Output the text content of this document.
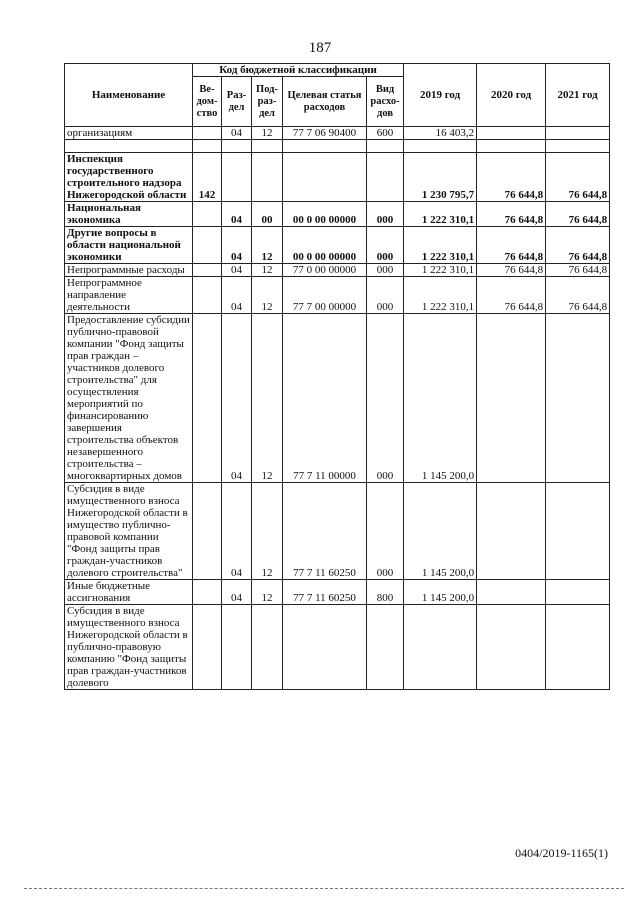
187
Наименование	Код бюджетной классификации					2019 год	2020 год	2021 год
	Ве-дом-ство	Раз-дел	Под-раз-дел	Целевая статья расходов	Вид расхо-дов			
организациям		04	12	77 7 06 90400	600	16 403,2		

Инспекция государственного строительного надзора Нижегородской области	142					1 230 795,7	76 644,8	76 644,8
Национальная экономика		04	00	00 0 00 00000	000	1 222 310,1	76 644,8	76 644,8
Другие вопросы в области национальной экономики		04	12	00 0 00 00000	000	1 222 310,1	76 644,8	76 644,8
Непрограммные расходы		04	12	77 0 00 00000	000	1 222 310,1	76 644,8	76 644,8
Непрограммное направление деятельности		04	12	77 7 00 00000	000	1 222 310,1	76 644,8	76 644,8
Предоставление субсидии публично-правовой компании "Фонд защиты прав граждан – участников долевого строительства" для осуществления мероприятий по финансированию завершения строительства объектов незавершенного строительства – многоквартирных домов		04	12	77 7 11 00000	000	1 145 200,0		
Субсидия в виде имущественного взноса Нижегородской области в имущество публично-правовой компании "Фонд защиты прав граждан-участников долевого строительства"		04	12	77 7 11 60250	000	1 145 200,0		
Иные бюджетные ассигнования		04	12	77 7 11 60250	800	1 145 200,0		
Субсидия в виде имущественного взноса Нижегородской области в публично-правовую компанию "Фонд защиты прав граждан-участников долевого								
0404/2019-1165(1)
